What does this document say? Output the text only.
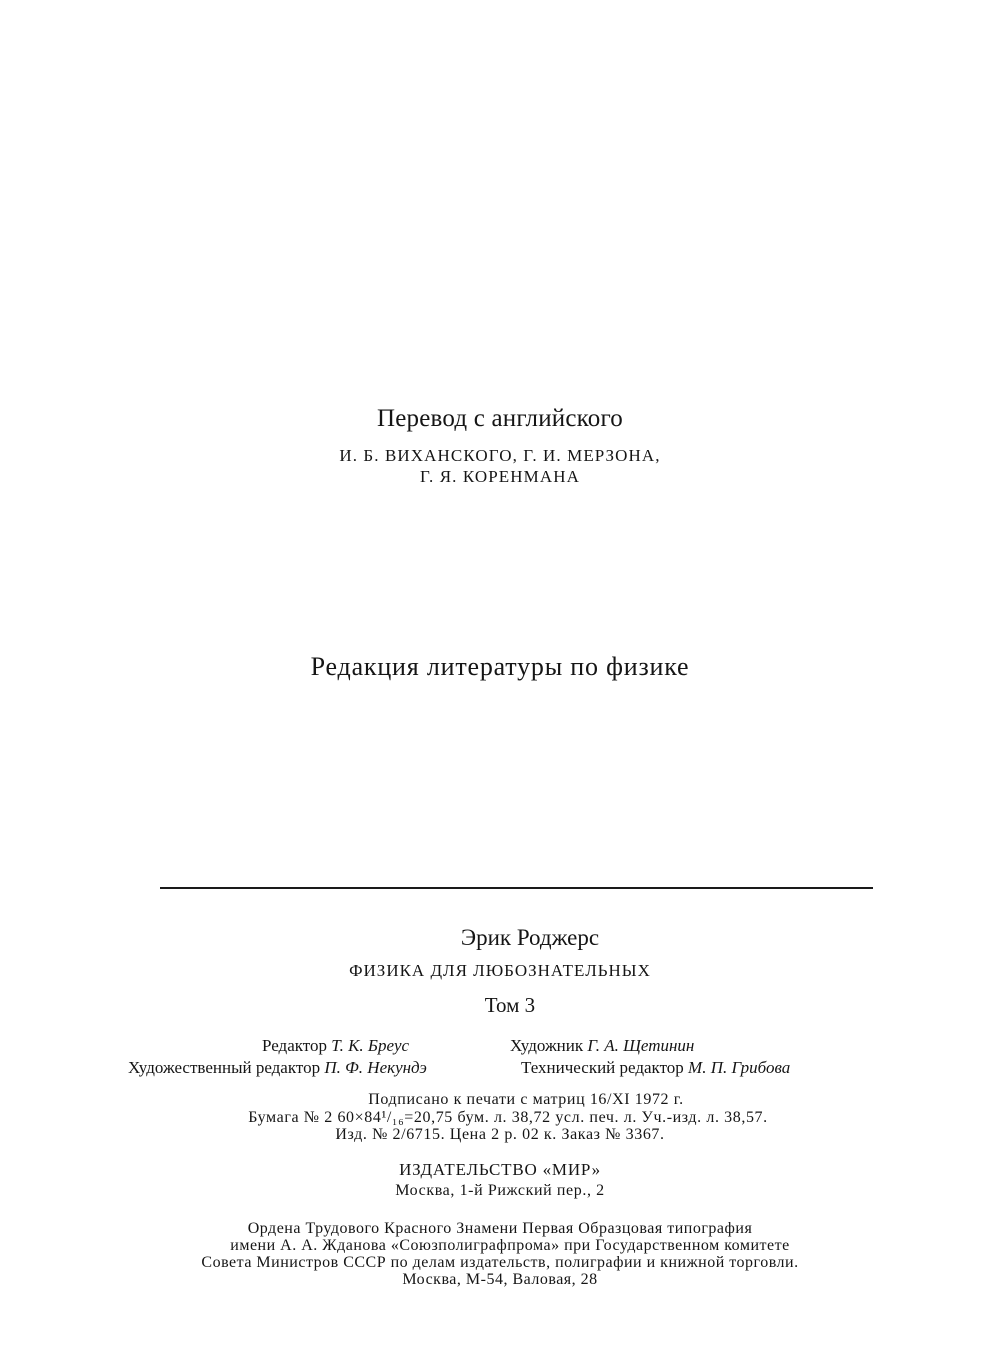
Перевод с английского
И. Б. ВИХАНСКОГО, Г. И. МЕРЗОНА,
Г. Я. КОРЕНМАНА
Редакция литературы по физике
Эрик Роджерс
ФИЗИКА ДЛЯ ЛЮБОЗНАТЕЛЬНЫХ
Том 3
Редактор Т. К. Бреус	Художник Г. А. Щетинин
Художественный редактор П. Ф. Некундэ	Технический редактор М. П. Грибова
Подписано к печати с матриц 16/XI 1972 г.
Бумага № 2 60×84¹/₁₆=20,75 бум. л. 38,72 усл. печ. л. Уч.-изд. л. 38,57.
Изд. № 2/6715. Цена 2 р. 02 к. Заказ № 3367.
ИЗДАТЕЛЬСТВО «МИР»
Москва, 1-й Рижский пер., 2
Ордена Трудового Красного Знамени Первая Образцовая типография
имени А. А. Жданова «Союзполиграфпрома» при Государственном комитете
Совета Министров СССР по делам издательств, полиграфии и книжной торговли.
Москва, М-54, Валовая, 28
